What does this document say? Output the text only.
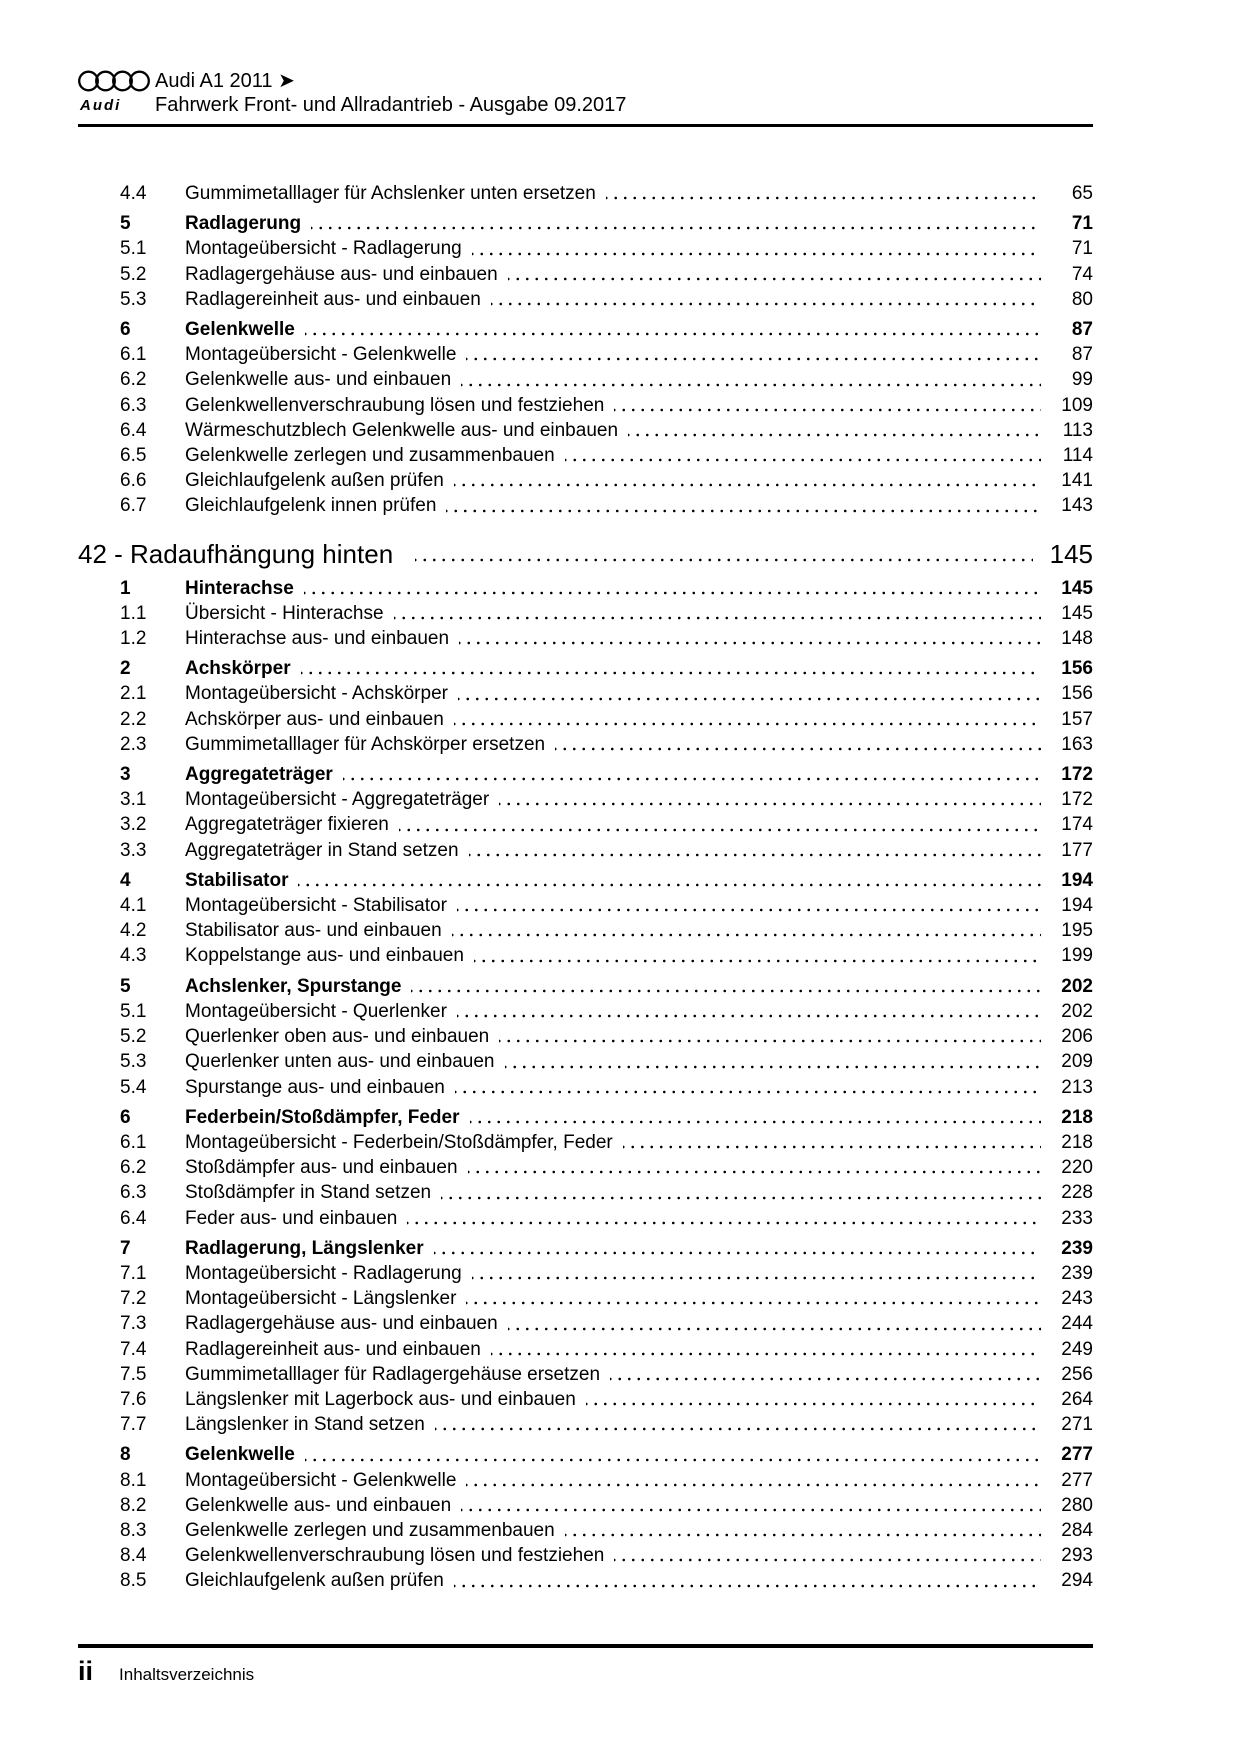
Audi
Audi A1 2011 ➤
Fahrwerk Front- und Allradantrieb - Ausgabe 09.2017
4.4	Gummimetalllager für Achslenker unten ersetzen	65
5	Radlagerung	71
5.1	Montageübersicht - Radlagerung	71
5.2	Radlagergehäuse aus- und einbauen	74
5.3	Radlagereinheit aus- und einbauen	80
6	Gelenkwelle	87
6.1	Montageübersicht - Gelenkwelle	87
6.2	Gelenkwelle aus- und einbauen	99
6.3	Gelenkwellenverschraubung lösen und festziehen	109
6.4	Wärmeschutzblech Gelenkwelle aus- und einbauen	113
6.5	Gelenkwelle zerlegen und zusammenbauen	114
6.6	Gleichlaufgelenk außen prüfen	141
6.7	Gleichlaufgelenk innen prüfen	143
42 - Radaufhängung hinten	145
1	Hinterachse	145
1.1	Übersicht - Hinterachse	145
1.2	Hinterachse aus- und einbauen	148
2	Achskörper	156
2.1	Montageübersicht - Achskörper	156
2.2	Achskörper aus- und einbauen	157
2.3	Gummimetalllager für Achskörper ersetzen	163
3	Aggregateträger	172
3.1	Montageübersicht - Aggregateträger	172
3.2	Aggregateträger fixieren	174
3.3	Aggregateträger in Stand setzen	177
4	Stabilisator	194
4.1	Montageübersicht - Stabilisator	194
4.2	Stabilisator aus- und einbauen	195
4.3	Koppelstange aus- und einbauen	199
5	Achslenker, Spurstange	202
5.1	Montageübersicht - Querlenker	202
5.2	Querlenker oben aus- und einbauen	206
5.3	Querlenker unten aus- und einbauen	209
5.4	Spurstange aus- und einbauen	213
6	Federbein/Stoßdämpfer, Feder	218
6.1	Montageübersicht - Federbein/Stoßdämpfer, Feder	218
6.2	Stoßdämpfer aus- und einbauen	220
6.3	Stoßdämpfer in Stand setzen	228
6.4	Feder aus- und einbauen	233
7	Radlagerung, Längslenker	239
7.1	Montageübersicht - Radlagerung	239
7.2	Montageübersicht - Längslenker	243
7.3	Radlagergehäuse aus- und einbauen	244
7.4	Radlagereinheit aus- und einbauen	249
7.5	Gummimetalllager für Radlagergehäuse ersetzen	256
7.6	Längslenker mit Lagerbock aus- und einbauen	264
7.7	Längslenker in Stand setzen	271
8	Gelenkwelle	277
8.1	Montageübersicht - Gelenkwelle	277
8.2	Gelenkwelle aus- und einbauen	280
8.3	Gelenkwelle zerlegen und zusammenbauen	284
8.4	Gelenkwellenverschraubung lösen und festziehen	293
8.5	Gleichlaufgelenk außen prüfen	294
ii Inhaltsverzeichnis
